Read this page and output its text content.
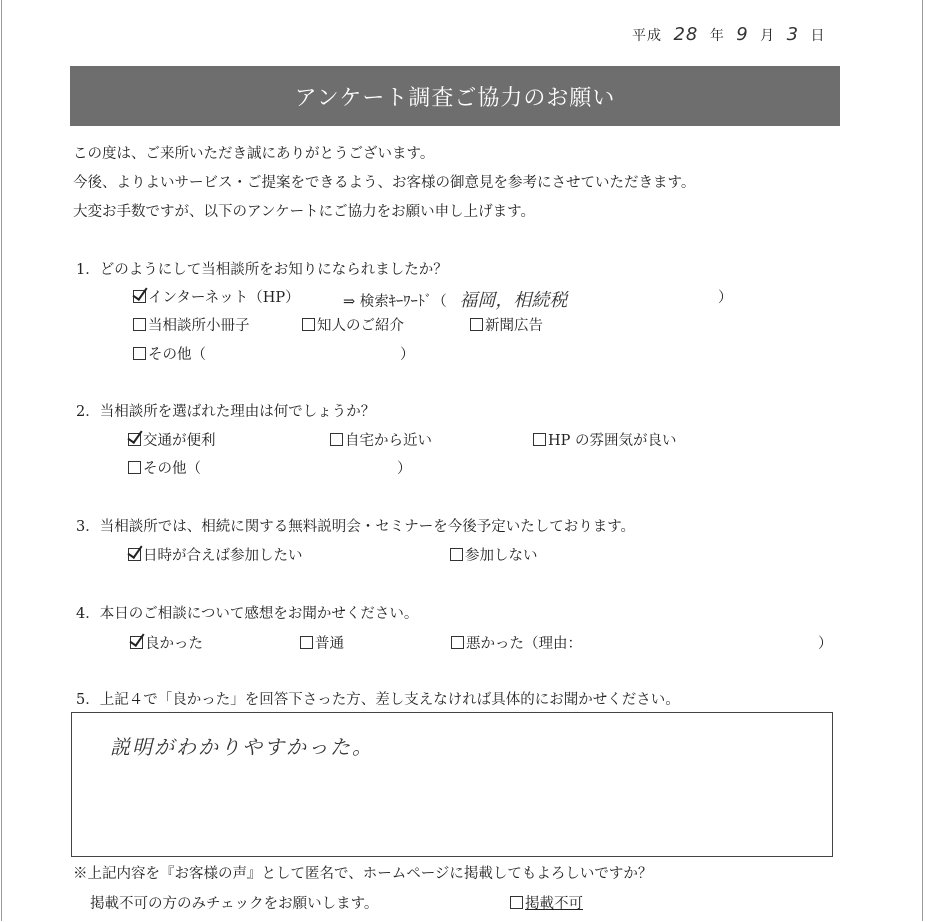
平成 28 年 9 月 3 日
アンケート調査ご協力のお願い
この度は、ご来所いただき誠にありがとうございます。
今後、よりよいサービス・ご提案をできるよう、お客様の御意見を参考にさせていただきます。
大変お手数ですが、以下のアンケートにご協力をお願い申し上げます。
1．どのようにして当相談所をお知りになられましたか？
インターネット（HP）	⇒ 検索ｷｰﾜｰﾄﾞ（ 福岡，相続税	）
当相談所小冊子	知人のご紹介	新聞広告
その他（	）
2．当相談所を選ばれた理由は何でしょうか？
交通が便利	自宅から近い	HP の雰囲気が良い
その他（	）
3．当相談所では、相続に関する無料説明会・セミナーを今後予定いたしております。
日時が合えば参加したい	参加しない
4．本日のご相談について感想をお聞かせください。
良かった	普通	悪かった（理由：	）
5．上記４で「良かった」を回答下さった方、差し支えなければ具体的にお聞かせください。
説明がわかりやすかった。
※上記内容を『お客様の声』として匿名で、ホームページに掲載してもよろしいですか？
掲載不可の方のみチェックをお願いします。	掲載不可
